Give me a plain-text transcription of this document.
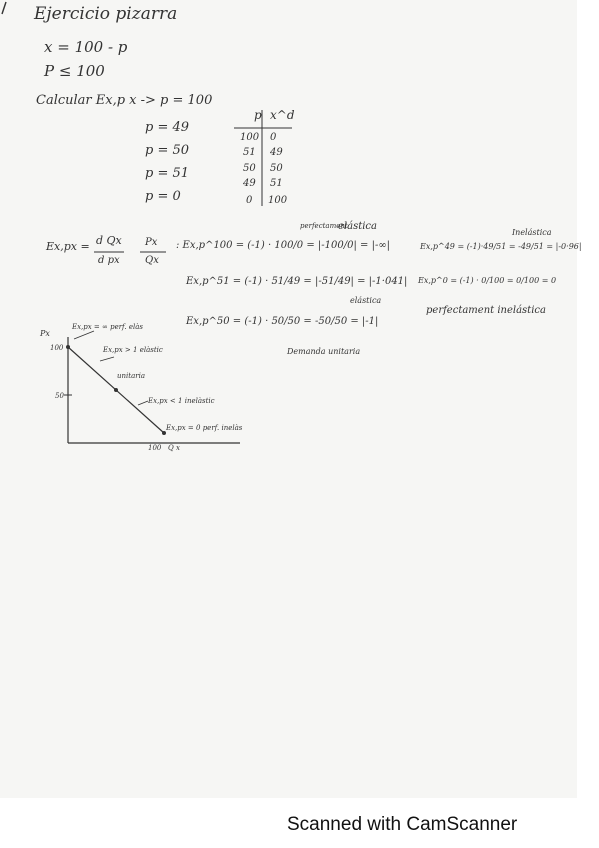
Ejercicio pizarra
x = 100 - p
P ≤ 100
Calcular Ex,p x -> p = 100
p = 49
p = 50
p = 51
p = 0
p x^d
100 0
51 49
50 50
49 51
0 100
Ex,px = d Qx
d px
Px
Qx
perfectament
elástica
: Ex,p^100 = (-1) · 100/0 = |-100/0| = |-∞|
Ex,p^51 = (-1) · 51/49 = |-51/49| = |-1·041|
elástica
Ex,p^50 = (-1) · 50/50 = -50/50 = |-1|
Demanda unitaria
Inelástica
Ex,p^49 = (-1)·49/51 = -49/51 = |-0·96|
Ex,p^0 = (-1) · 0/100 = 0/100 = 0
perfectament inelástica
Px
100
50
100 Q x
Ex,px = ∞ perf. elàs
Ex,px > 1 elàstic
unitaria
Ex,px < 1 inelàstic
Ex,px = 0 perf. inelàs
Scanned with CamScanner
